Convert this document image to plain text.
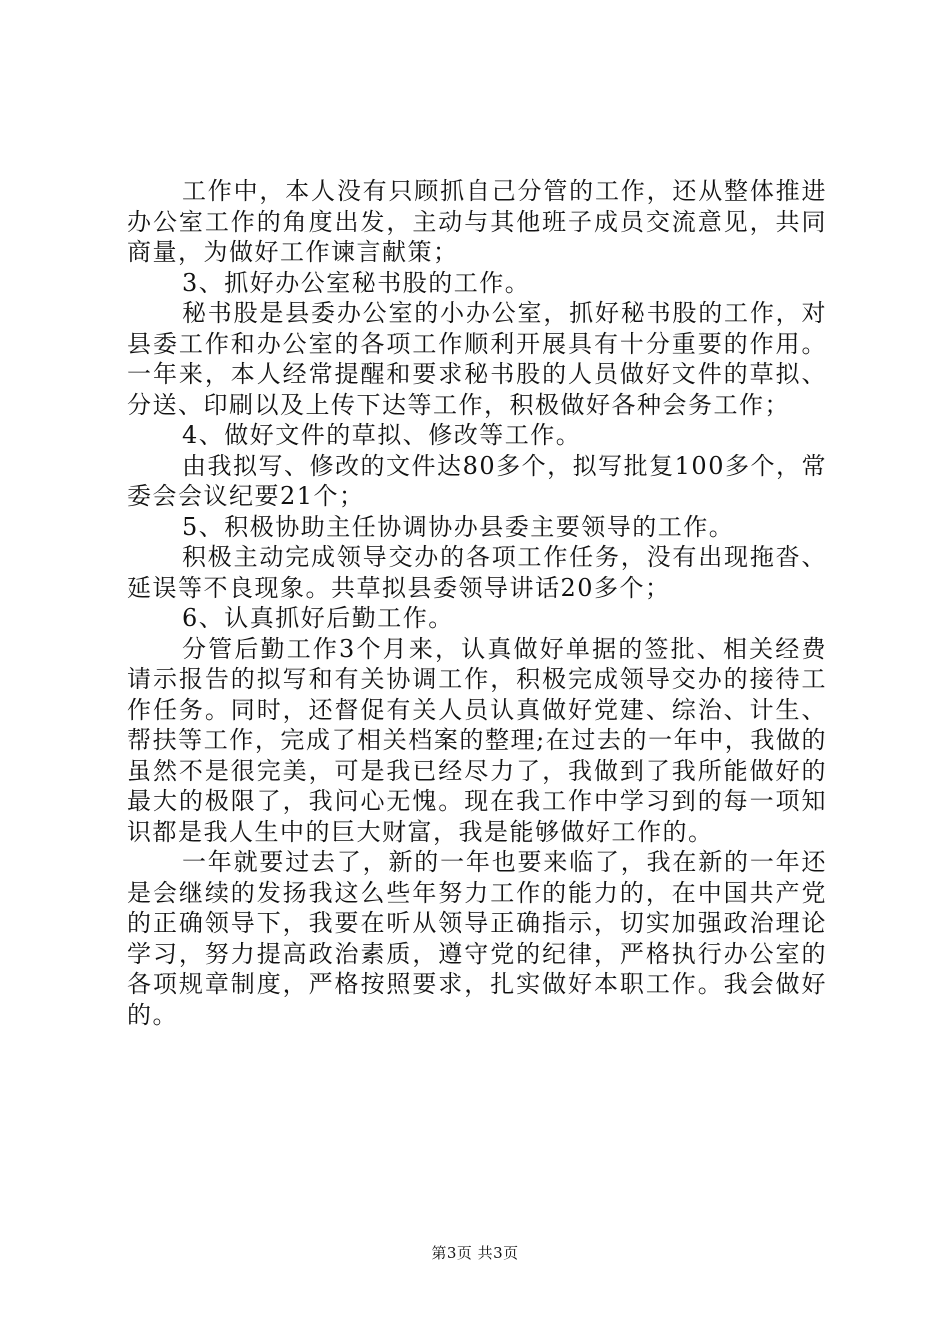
工作中，本人没有只顾抓自己分管的工作，还从整体推进办公室工作的角度出发，主动与其他班子成员交流意见，共同商量，为做好工作谏言献策；

3、抓好办公室秘书股的工作。

秘书股是县委办公室的小办公室，抓好秘书股的工作，对县委工作和办公室的各项工作顺利开展具有十分重要的作用。一年来，本人经常提醒和要求秘书股的人员做好文件的草拟、分送、印刷以及上传下达等工作，积极做好各种会务工作；

4、做好文件的草拟、修改等工作。

由我拟写、修改的文件达80多个，拟写批复100多个，常委会会议纪要21个；

5、积极协助主任协调协办县委主要领导的工作。

积极主动完成领导交办的各项工作任务，没有出现拖沓、延误等不良现象。共草拟县委领导讲话20多个；

6、认真抓好后勤工作。

分管后勤工作3个月来，认真做好单据的签批、相关经费请示报告的拟写和有关协调工作，积极完成领导交办的接待工作任务。同时，还督促有关人员认真做好党建、综治、计生、帮扶等工作，完成了相关档案的整理;在过去的一年中，我做的虽然不是很完美，可是我已经尽力了，我做到了我所能做好的最大的极限了，我问心无愧。现在我工作中学习到的每一项知识都是我人生中的巨大财富，我是能够做好工作的。

一年就要过去了，新的一年也要来临了，我在新的一年还是会继续的发扬我这么些年努力工作的能力的，在中国共产党的正确领导下，我要在听从领导正确指示，切实加强政治理论学习，努力提高政治素质，遵守党的纪律，严格执行办公室的各项规章制度，严格按照要求，扎实做好本职工作。我会做好的。

第3页 共3页
